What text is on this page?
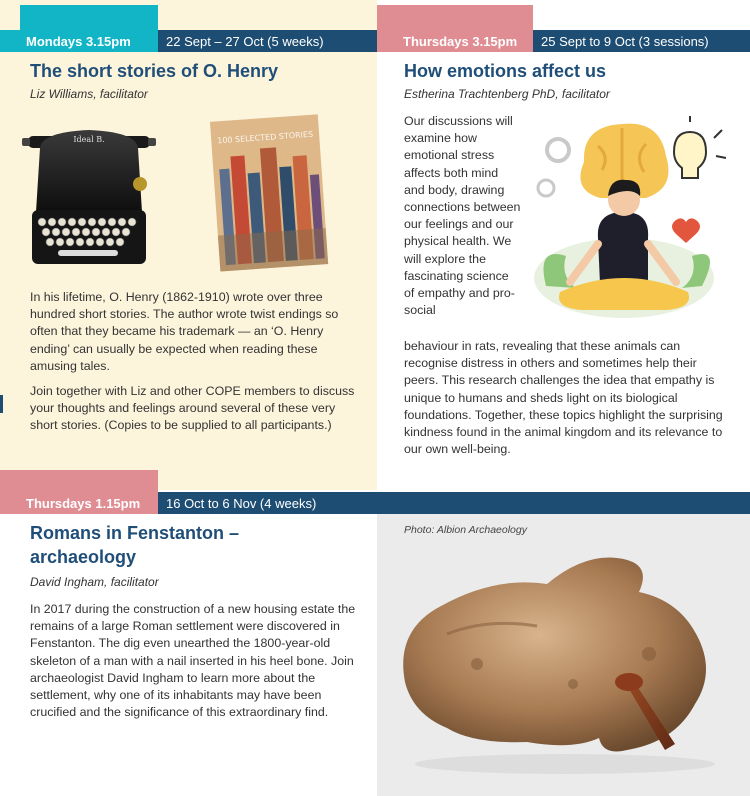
22 Sept – 27 Oct (5 weeks)
Mondays 3.15pm
The short stories of O. Henry
Liz Williams, facilitator
Ideal B.	100 SELECTED STORIES

In his lifetime, O. Henry (1862-1910) wrote over three hundred short stories. The author wrote twist endings so often that they became his trademark — an ‘O. Henry ending’ can usually be expected when reading these amusing tales.

Join together with Liz and other COPE members to discuss your thoughts and feelings around several of these very short stories. (Copies to be supplied to all participants.)

25 Sept to 9 Oct (3 sessions)
Thursdays 3.15pm
How emotions affect us
Estherina Trachtenberg PhD, facilitator
Our discussions will examine how emotional stress affects both mind and body, drawing connections between our feelings and our physical health. We will explore the fascinating science of empathy and pro-social
behaviour in rats, revealing that these animals can recognise distress in others and sometimes help their peers. This research challenges the idea that empathy is unique to humans and sheds light on its biological foundations. Together, these topics highlight the surprising kindness found in the animal kingdom and its relevance to our own well-being.
16 Oct to 6 Nov (4 weeks)
Thursdays 1.15pm
Romans in Fenstanton –
archaeology
David Ingham, facilitator
In 2017 during the construction of a new housing estate the remains of a large Roman settlement were discovered in Fenstanton. The dig even unearthed the 1800-year-old skeleton of a man with a nail inserted in his heel bone. Join archaeologist David Ingham to learn more about the settlement, why one of its inhabitants may have been crucified and the significance of this extraordinary find.
Photo: Albion Archaeology
